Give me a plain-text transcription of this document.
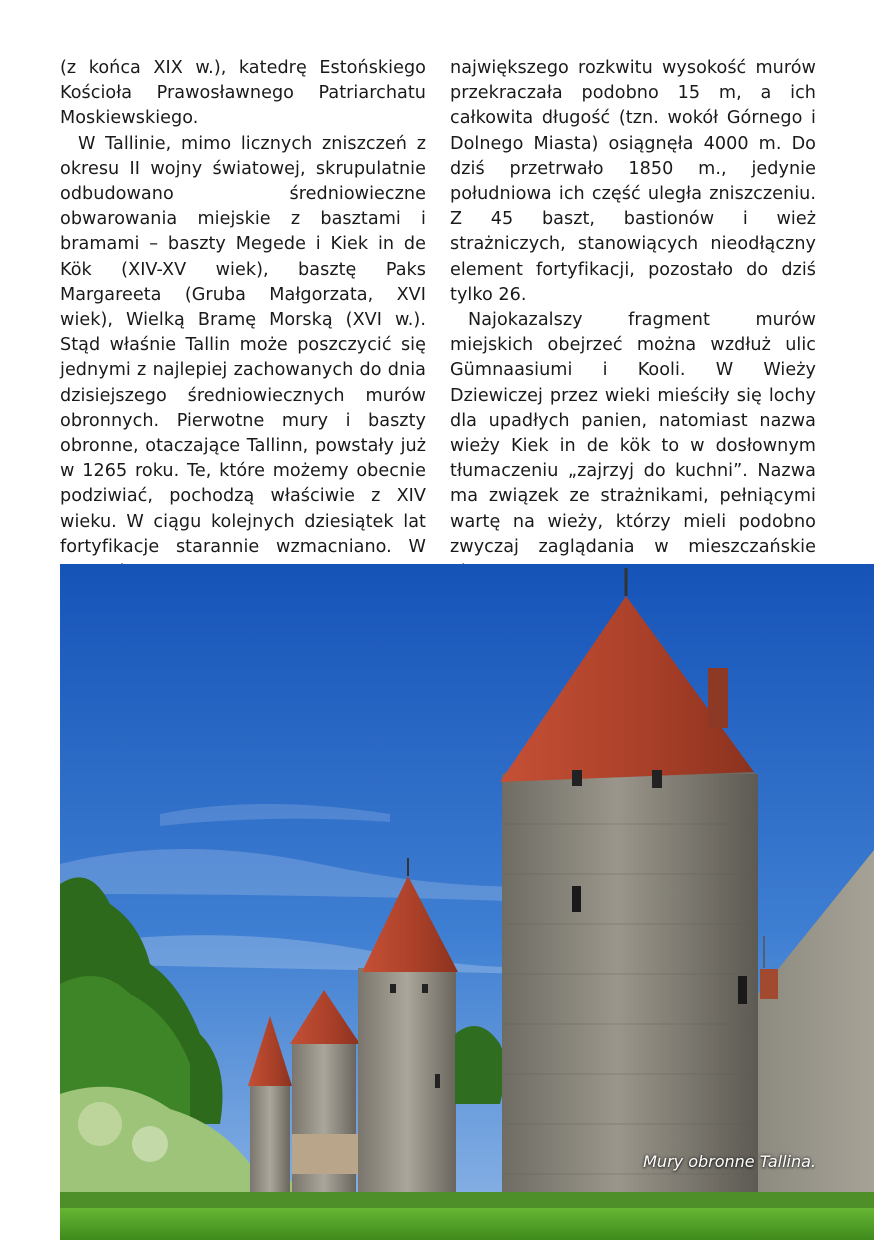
(z końca XIX w.), katedrę Estońskiego Kościoła Prawosławnego Patriarchatu Moskiewskiego.

W Tallinie, mimo licznych zniszczeń z okresu II wojny światowej, skrupulatnie odbudowano średniowieczne obwarowania miejskie z basztami i bramami – baszty Megede i Kiek in de Kök (XIV-XV wiek), basztę Paks Margareeta (Gruba Małgorzata, XVI wiek), Wielką Bramę Morską (XVI w.). Stąd właśnie Tallin może poszczycić się jednymi z najlepiej zachowanych do dnia dzisiejszego średniowiecznych murów obronnych. Pierwotne mury i baszty obronne, otaczające Tallinn, powstały już w 1265 roku. Te, które możemy obecnie podziwiać, pochodzą właściwie z XIV wieku. W ciągu kolejnych dziesiątek lat fortyfikacje starannie wzmacniano. W

największego rozkwitu wysokość murów przekraczała podobno 15 m, a ich całkowita długość (tzn. wokół Górnego i Dolnego Miasta) osiągnęła 4000 m. Do dziś przetrwało 1850 m., jedynie południowa ich część uległa zniszczeniu. Z 45 baszt, bastionów i wież strażniczych, stanowiących nieodłączny element fortyfikacji, pozostało do dziś tylko 26.

Najokazalszy fragment murów miejskich obejrzeć można wzdłuż ulic Gümnaasiumi i Kooli. W Wieży Dziewiczej przez wieki mieściły się lochy dla upadłych panien, natomiast nazwa wieży Kiek in de kök to w dosłownym tłumaczeniu „zajrzyj do kuchni”. Nazwa ma związek ze strażnikami, pełniącymi wartę na wieży, którzy mieli podobno zwyczaj zaglądania w mieszczańskie

Mury obronne Tallina.
